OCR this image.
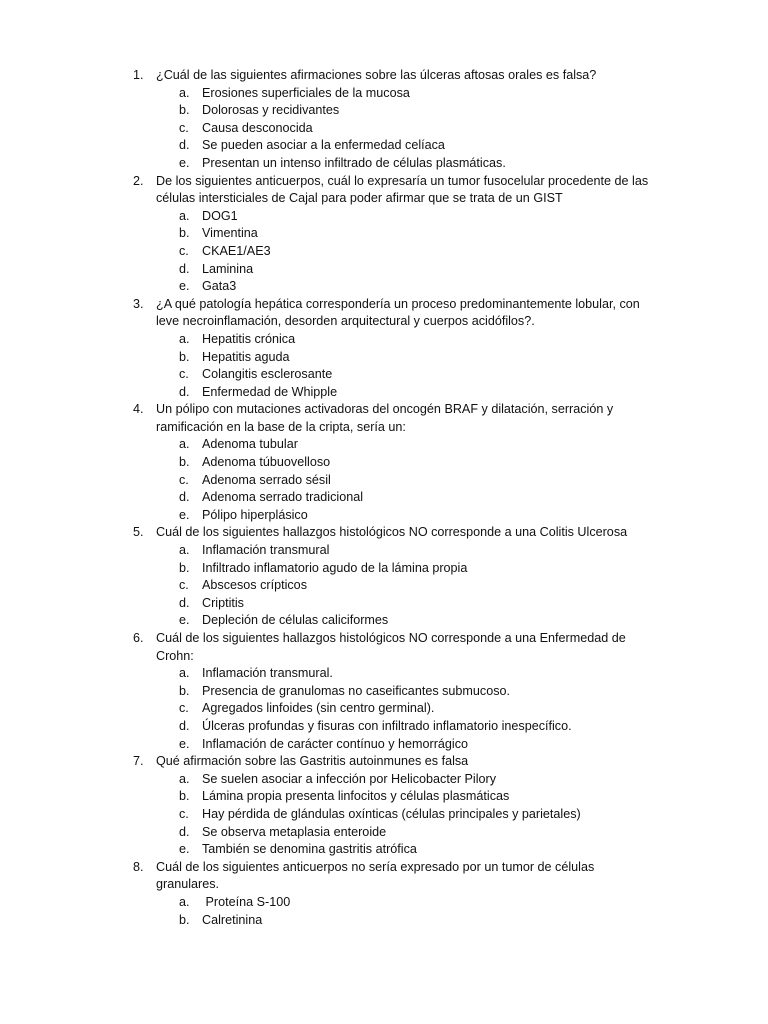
1. ¿Cuál de las siguientes afirmaciones sobre las úlceras aftosas orales es falsa?
a. Erosiones superficiales de la mucosa
b. Dolorosas y recidivantes
c. Causa desconocida
d. Se pueden asociar a la enfermedad celíaca
e. Presentan un intenso infiltrado de células plasmáticas.
2. De los siguientes anticuerpos, cuál lo expresaría un tumor fusocelular procedente de las células intersticiales de Cajal para poder afirmar que se trata de un GIST
a. DOG1
b. Vimentina
c. CKAE1/AE3
d. Laminina
e. Gata3
3. ¿A qué patología hepática correspondería un proceso predominantemente lobular, con leve necroinflamación, desorden arquitectural y cuerpos acidófilos?.
a. Hepatitis crónica
b. Hepatitis aguda
c. Colangitis esclerosante
d. Enfermedad de Whipple
4. Un pólipo con mutaciones activadoras del oncogén BRAF y dilatación, serración y ramificación en la base de la cripta, sería un:
a. Adenoma tubular
b. Adenoma túbuovelloso
c. Adenoma serrado sésil
d. Adenoma serrado tradicional
e. Pólipo hiperplásico
5. Cuál de los siguientes hallazgos histológicos NO corresponde a una Colitis Ulcerosa
a. Inflamación transmural
b. Infiltrado inflamatorio agudo de la lámina propia
c. Abscesos crípticos
d. Criptitis
e. Depleción de células caliciformes
6. Cuál de los siguientes hallazgos histológicos NO corresponde a una Enfermedad de Crohn:
a. Inflamación transmural.
b. Presencia de granulomas no caseificantes submucoso.
c. Agregados linfoides (sin centro germinal).
d. Úlceras profundas y fisuras con infiltrado inflamatorio inespecífico.
e. Inflamación de carácter contínuo y hemorrágico
7. Qué afirmación sobre las Gastritis autoinmunes es falsa
a. Se suelen asociar a infección por Helicobacter Pilory
b. Lámina propia presenta linfocitos y células plasmáticas
c. Hay pérdida de glándulas oxínticas (células principales y parietales)
d. Se observa metaplasia enteroide
e. También se denomina gastritis atrófica
8. Cuál de los siguientes anticuerpos no sería expresado por un tumor de células granulares.
a. Proteína S-100
b. Calretinina
